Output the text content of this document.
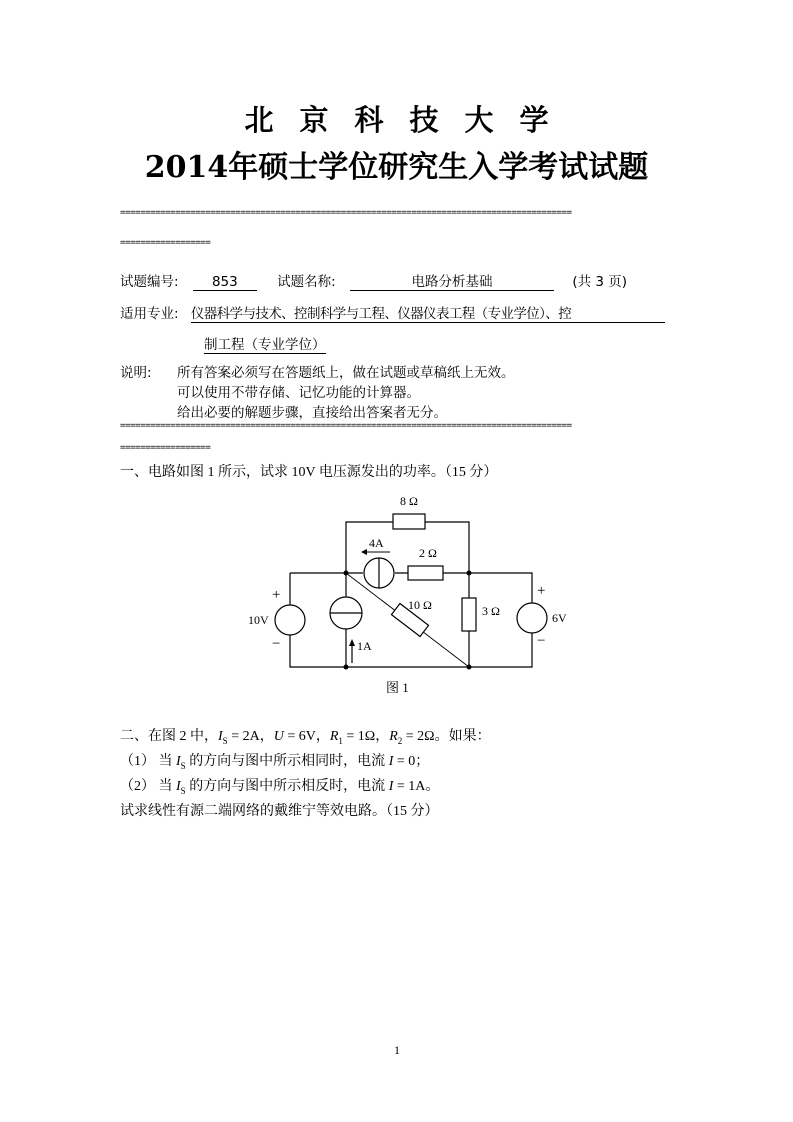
北京科技大学
2014年硕士学位研究生入学考试试题
==========================================================================================
==================
试题编号: 853	试题名称:	电路分析基础	(共 3 页)
适用专业: 仪器科学与技术、控制科学与工程、仪器仪表工程（专业学位）、控
制工程（专业学位）
说明: 所有答案必须写在答题纸上，做在试题或草稿纸上无效。
可以使用不带存储、记忆功能的计算器。
给出必要的解题步骤，直接给出答案者无分。
==========================================================================================
==================
一、电路如图 1 所示，试求 10V 电压源发出的功率。（15 分）
8 Ω
2 Ω
10 Ω	3 Ω
4A
1A
10V	6V
+
−
+
−
图 1
二、在图 2 中，$I_S = 2A$，U = 6V，$R_1 = 1\Omega$，$R_2 = 2\Omega$。如果：
（1） 当 $I_S$ 的方向与图中所示相同时，电流 I = 0；
（2） 当 $I_S$ 的方向与图中所示相反时，电流 I = 1A。
试求线性有源二端网络的戴维宁等效电路。（15 分）
1
